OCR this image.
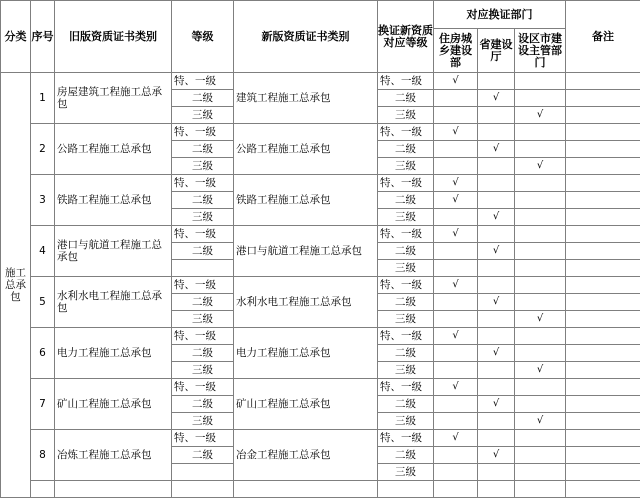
分类	序号	旧版资质证书类别	等级	新版资质证书类别	换证新资质对应等级	对应换证部门			备注
						住房城乡建设部	省建设厅	设区市建设主管部门	
施工总承包	1	房屋建筑工程施工总承包	特、一级	建筑工程施工总承包	特、一级	√			
			二级		二级		√		
			三级		三级			√	
	2	公路工程施工总承包	特、一级	公路工程施工总承包	特、一级	√			
			二级		二级		√		
			三级		三级			√	
	3	铁路工程施工总承包	特、一级	铁路工程施工总承包	特、一级	√			
			二级		二级	√			
			三级		三级		√		
	4	港口与航道工程施工总承包	特、一级	港口与航道工程施工总承包	特、一级	√			
			二级		二级		√		
					三级				
	5	水利水电工程施工总承包	特、一级	水利水电工程施工总承包	特、一级	√			
			二级		二级		√		
			三级		三级			√	
	6	电力工程施工总承包	特、一级	电力工程施工总承包	特、一级	√			
			二级		二级		√		
			三级		三级			√	
	7	矿山工程施工总承包	特、一级	矿山工程施工总承包	特、一级	√			
			二级		二级		√		
			三级		三级			√	
	8	冶炼工程施工总承包	特、一级	冶金工程施工总承包	特、一级	√			
			二级		二级		√		
					三级				
